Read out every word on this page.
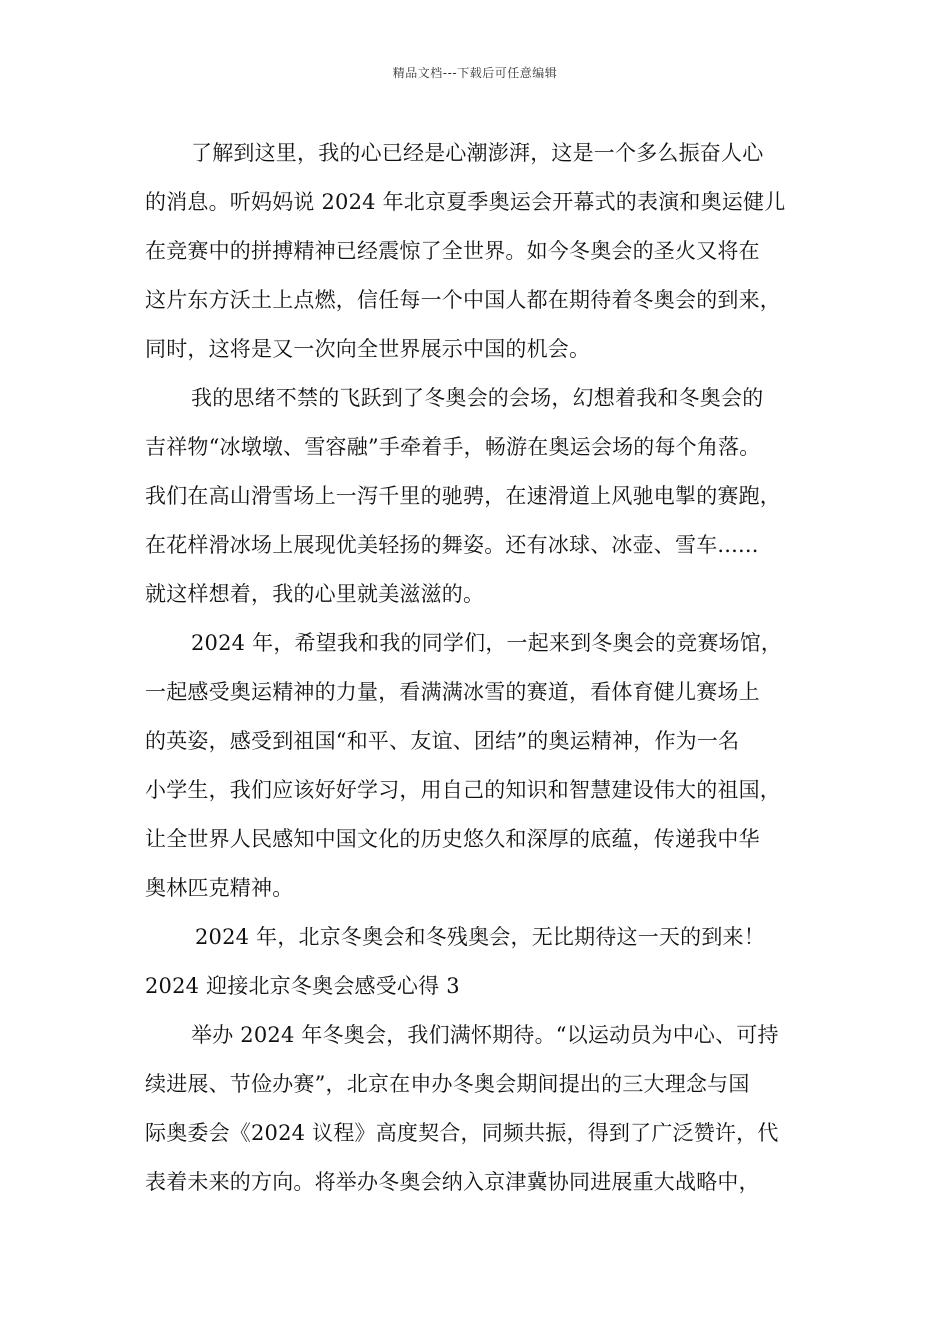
精品文档---下载后可任意编辑
了解到这里，我的心已经是心潮澎湃，这是一个多么振奋人心
的消息。听妈妈说 2024 年北京夏季奥运会开幕式的表演和奥运健儿
在竞赛中的拼搏精神已经震惊了全世界。如今冬奥会的圣火又将在
这片东方沃土上点燃，信任每一个中国人都在期待着冬奥会的到来，
同时，这将是又一次向全世界展示中国的机会。
我的思绪不禁的飞跃到了冬奥会的会场，幻想着我和冬奥会的
吉祥物“冰墩墩、雪容融”手牵着手，畅游在奥运会场的每个角落。
我们在高山滑雪场上一泻千里的驰骋，在速滑道上风驰电掣的赛跑，
在花样滑冰场上展现优美轻扬的舞姿。还有冰球、冰壶、雪车......
就这样想着，我的心里就美滋滋的。
2024 年，希望我和我的同学们，一起来到冬奥会的竞赛场馆，
一起感受奥运精神的力量，看满满冰雪的赛道，看体育健儿赛场上
的英姿，感受到祖国“和平、友谊、团结”的奥运精神，作为一名
小学生，我们应该好好学习，用自己的知识和智慧建设伟大的祖国，
让全世界人民感知中国文化的历史悠久和深厚的底蕴，传递我中华
奥林匹克精神。
2024 年，北京冬奥会和冬残奥会，无比期待这一天的到来！
2024 迎接北京冬奥会感受心得 3
举办 2024 年冬奥会，我们满怀期待。“以运动员为中心、可持
续进展、节俭办赛”，北京在申办冬奥会期间提出的三大理念与国
际奥委会《2024 议程》高度契合，同频共振，得到了广泛赞许，代
表着未来的方向。将举办冬奥会纳入京津冀协同进展重大战略中，
